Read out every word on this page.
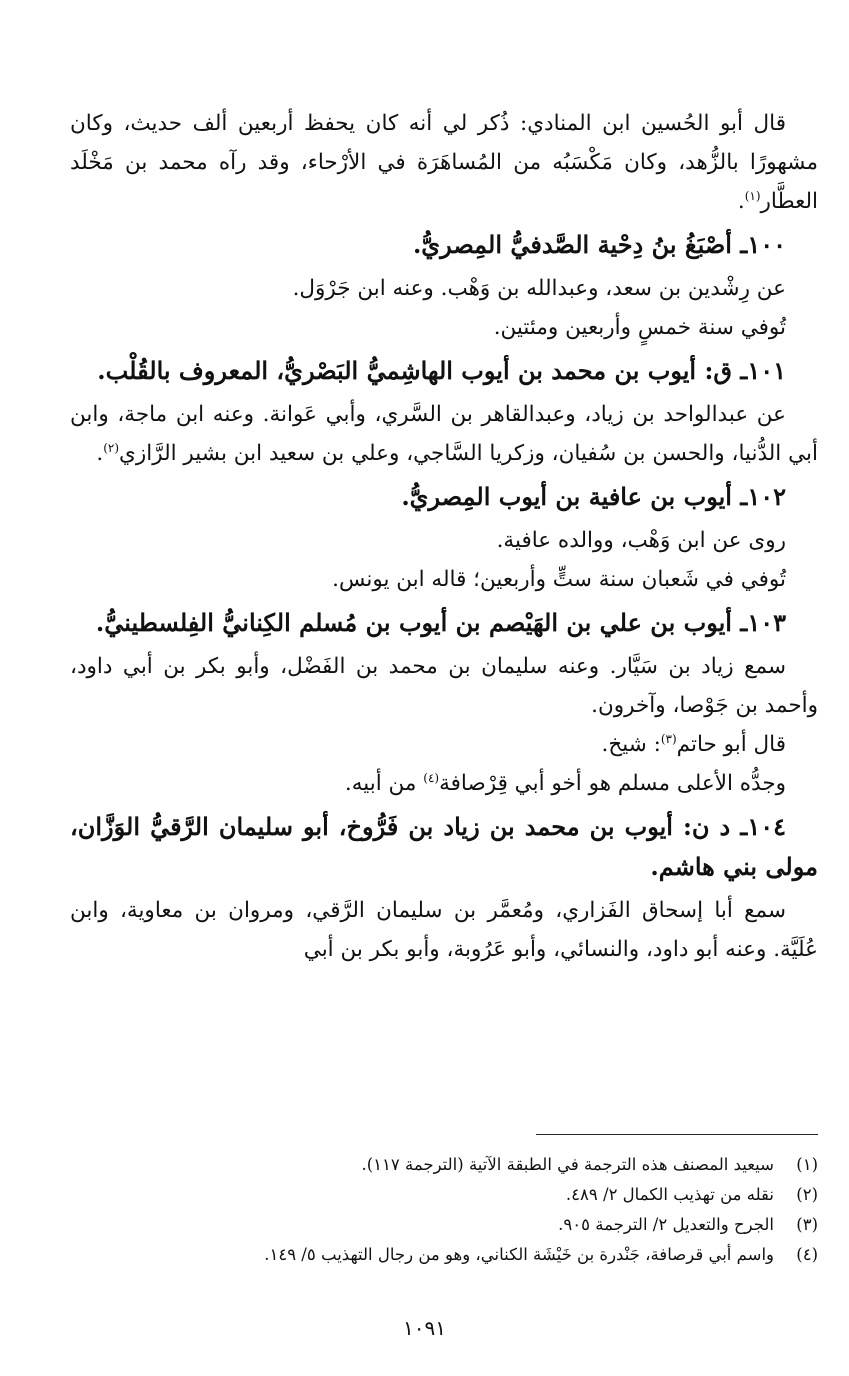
قال أبو الحُسين ابن المنادي: ذُكر لي أنه كان يحفظ أربعين ألف حديث، وكان مشهورًا بالزُّهد، وكان مَكْسَبُه من المُساهَرَة في الأرْحاء، وقد رآه محمد بن مَخْلَد العطَّار$^{(١)}$.

١٠٠ـ أصْبَغُ بنُ دِحْية الصَّدفيُّ المِصريُّ.

عن رِشْدين بن سعد، وعبدالله بن وَهْب. وعنه ابن جَرْوَل.

تُوفي سنة خمسٍ وأربعين ومئتين.

١٠١ـ ق: أيوب بن محمد بن أيوب الهاشِميُّ البَصْريُّ، المعروف بالقُلْب.

عن عبدالواحد بن زياد، وعبدالقاهر بن السَّري، وأبي عَوانة. وعنه ابن ماجة، وابن أبي الدُّنيا، والحسن بن سُفيان، وزكريا السَّاجي، وعلي بن سعيد ابن بشير الرَّازي$^{(٢)}$.

١٠٢ـ أيوب بن عافية بن أيوب المِصريُّ.

روى عن ابن وَهْب، ووالده عافية.

تُوفي في شَعبان سنة ستٍّ وأربعين؛ قاله ابن يونس.

١٠٣ـ أيوب بن علي بن الهَيْصم بن أيوب بن مُسلم الكِنانيُّ الفِلسطينيُّ.

سمع زياد بن سَيَّار. وعنه سليمان بن محمد بن الفَضْل، وأبو بكر بن أبي داود، وأحمد بن جَوْصا، وآخرون.

قال أبو حاتم$^{(٣)}$: شيخ.

وجدُّه الأعلى مسلم هو أخو أبي قِرْصافة$^{(٤)}$ من أبيه.

١٠٤ـ د ن: أيوب بن محمد بن زياد بن فَرُّوخ، أبو سليمان الرَّقيُّ الوَزَّان، مولى بني هاشم.

سمع أبا إسحاق الفَزاري، ومُعمَّر بن سليمان الرَّقي، ومروان بن معاوية، وابن عُلَيَّة. وعنه أبو داود، والنسائي، وأبو عَرُوبة، وأبو بكر بن أبي

(١)
سيعيد المصنف هذه الترجمة في الطبقة الآتية (الترجمة ١١٧).
(٢)
نقله من تهذيب الكمال ٢/ ٤٨٩.
(٣)
الجرح والتعديل ٢/ الترجمة ٩٠٥.
(٤)
واسم أبي قرصافة، جَنْدرة بن خَيْشَة الكناني، وهو من رجال التهذيب ٥/ ١٤٩.
١٠٩١
